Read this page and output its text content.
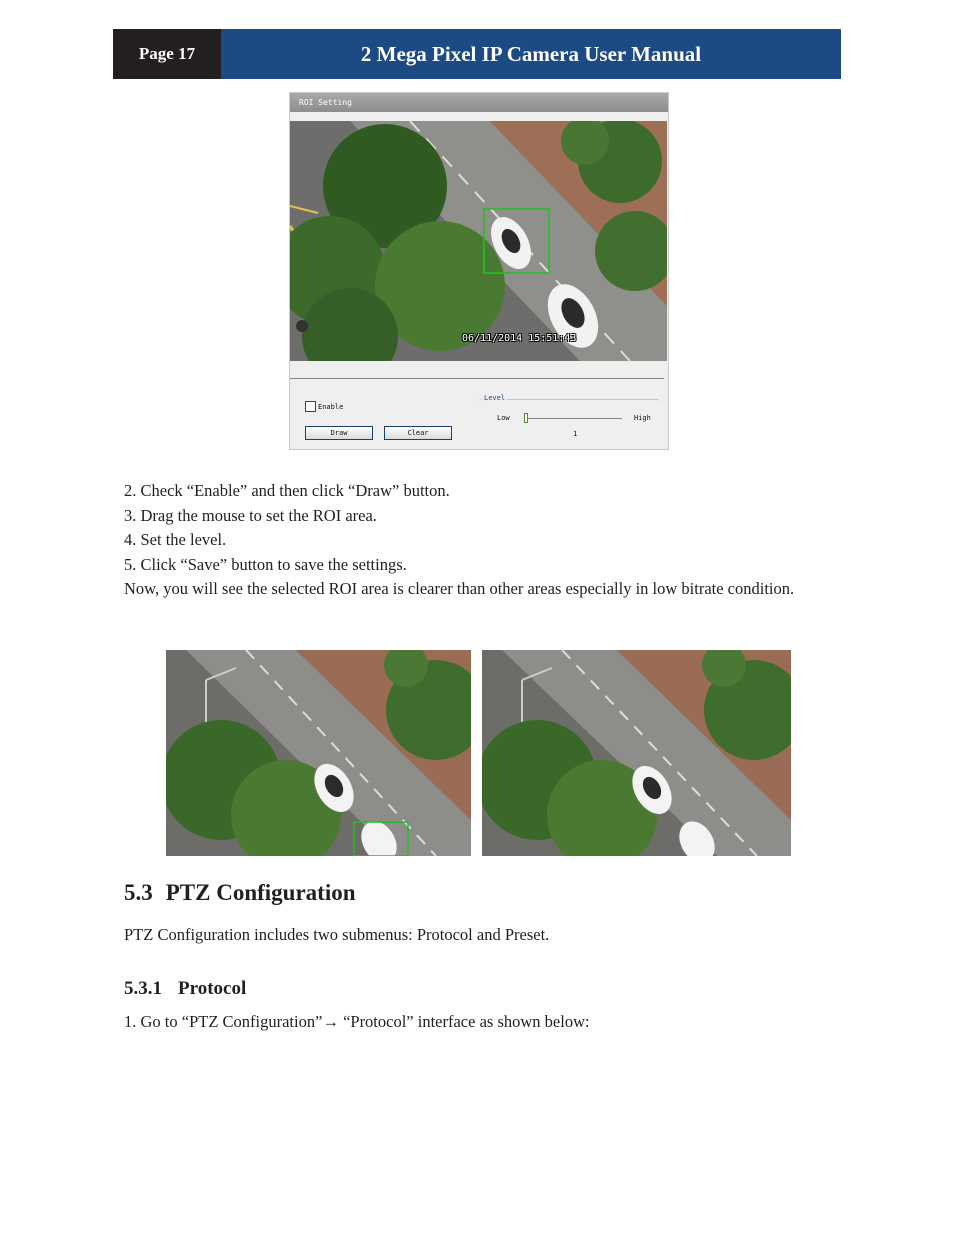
Page 17	2 Mega Pixel IP Camera User Manual
ROI Setting
06/11/2014 15:51:43
Enable
Draw	Clear
Level
Low	High
1

2. Check “Enable” and then click “Draw” button.

3. Drag the mouse to set the ROI area.

4. Set the level.

5. Click “Save” button to save the settings.

Now, you will see the selected ROI area is clearer than other areas especially in low bitrate condition.

5.3 PTZ Configuration

PTZ Configuration includes two submenus: Protocol and Preset.

5.3.1 Protocol

1. Go to “PTZ Configuration”→ “Protocol” interface as shown below:
